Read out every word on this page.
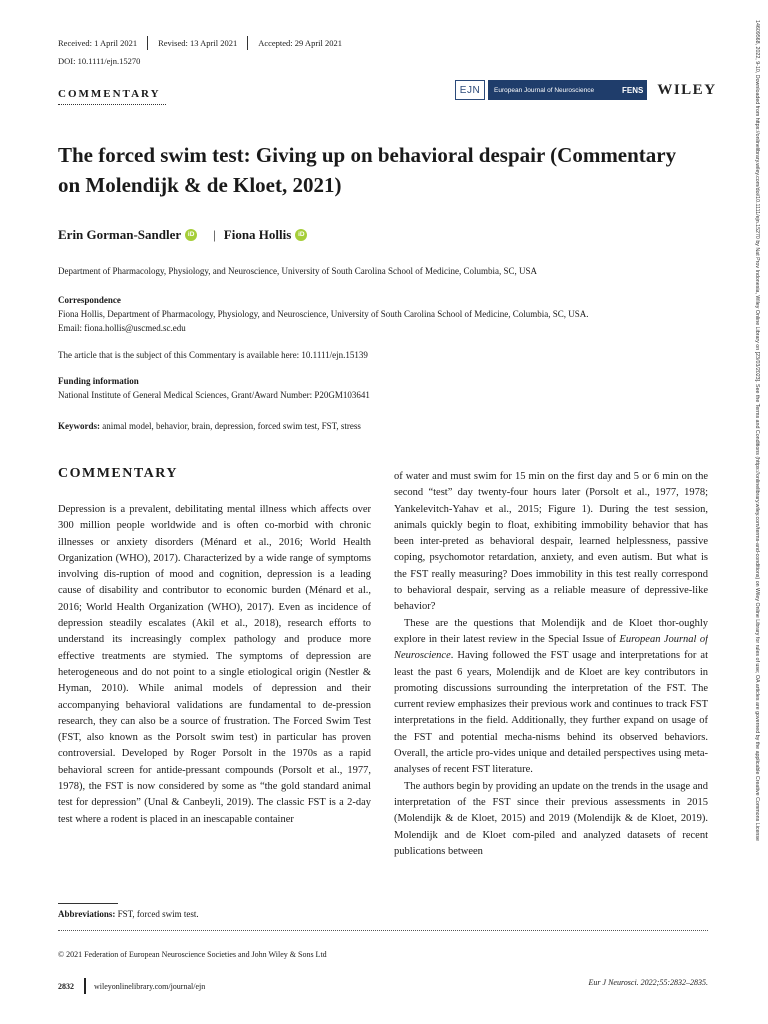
Received: 1 April 2021	Revised: 13 April 2021	Accepted: 29 April 2021
DOI: 10.1111/ejn.15270
COMMENTARY	EJN	European Journal of Neuroscience	FENS WILEY
The forced swim test: Giving up on behavioral despair (Commentary on Molendijk & de Kloet, 2021)
Erin Gorman-Sandler	iD | Fiona Hollis	iD
Department of Pharmacology, Physiology, and Neuroscience, University of South Carolina School of Medicine, Columbia, SC, USA
Correspondence
Fiona Hollis, Department of Pharmacology, Physiology, and Neuroscience, University of South Carolina School of Medicine, Columbia, SC, USA.
Email: fiona.hollis@uscmed.sc.edu
The article that is the subject of this Commentary is available here: 10.1111/ejn.15139
Funding information
National Institute of General Medical Sciences, Grant/Award Number: P20GM103641
Keywords: animal model, behavior, brain, depression, forced swim test, FST, stress
COMMENTARY

Depression is a prevalent, debilitating mental illness which affects over 300 million people worldwide and is often co-morbid with chronic illnesses or anxiety disorders (Ménard et al., 2016; World Health Organization (WHO), 2017). Characterized by a wide range of symptoms involving dis-ruption of mood and cognition, depression is a leading cause of disability and contributor to economic burden (Ménard et al., 2016; World Health Organization (WHO), 2017). Even as incidence of depression steadily escalates (Akil et al., 2018), research efforts to understand its increasingly complex pathology and produce more effective treatments are stymied. The symptoms of depression are heterogeneous and do not point to a single etiological origin (Nestler & Hyman, 2010). While animal models of depression and their accompanying behavioral validations are fundamental to de-pression research, they can also be a source of frustration. The Forced Swim Test (FST, also known as the Porsolt swim test) in particular has proven controversial. Developed by Roger Porsolt in the 1970s as a rapid behavioral screen for antide-pressant compounds (Porsolt et al., 1977, 1978), the FST is now considered by some as “the gold standard animal test for depression” (Unal & Canbeyli, 2019). The classic FST is a 2-day test where a rodent is placed in an inescapable container

of water and must swim for 15 min on the first day and 5 or 6 min on the second “test” day twenty-four hours later (Porsolt et al., 1977, 1978; Yankelevitch-Yahav et al., 2015; Figure 1). During the test session, animals quickly begin to float, exhibiting immobility behavior that has been inter-preted as behavioral despair, learned helplessness, passive coping, psychomotor retardation, anxiety, and even autism. But what is the FST really measuring? Does immobility in this test really correspond to behavioral despair, serving as a reliable measure of depressive-like behavior?

These are the questions that Molendijk and de Kloet thor-oughly explore in their latest review in the Special Issue of European Journal of Neuroscience. Having followed the FST usage and interpretations for at least the past 6 years, Molendijk and de Kloet are key contributors in promoting discussions surrounding the interpretation of the FST. The current review emphasizes their previous work and continues to track FST interpretations in the field. Additionally, they further expand on usage of the FST and potential mecha-nisms behind its observed behaviors. Overall, the article pro-vides unique and detailed perspectives using meta-analyses of recent FST literature.

The authors begin by providing an update on the trends in the usage and interpretation of the FST since their previous assessments in 2015 (Molendijk & de Kloet, 2015) and 2019 (Molendijk & de Kloet, 2019). Molendijk and de Kloet com-piled and analyzed datasets of recent publications between

Abbreviations: FST, forced swim test.
© 2021 Federation of European Neuroscience Societies and John Wiley & Sons Ltd
2832	wileyonlinelibrary.com/journal/ejn	Eur J Neurosci. 2022;55:2832–2835.
14609568, 2022, 9-10, Downloaded from https://onlinelibrary.wiley.com/doi/10.1111/ejn.15270 by Nat Prov Indonesia, Wiley Online Library on [23/03/2023]. See the Terms and Conditions (https://onlinelibrary.wiley.com/terms-and-conditions) on Wiley Online Library for rules of use; OA articles are governed by the applicable Creative Commons License
